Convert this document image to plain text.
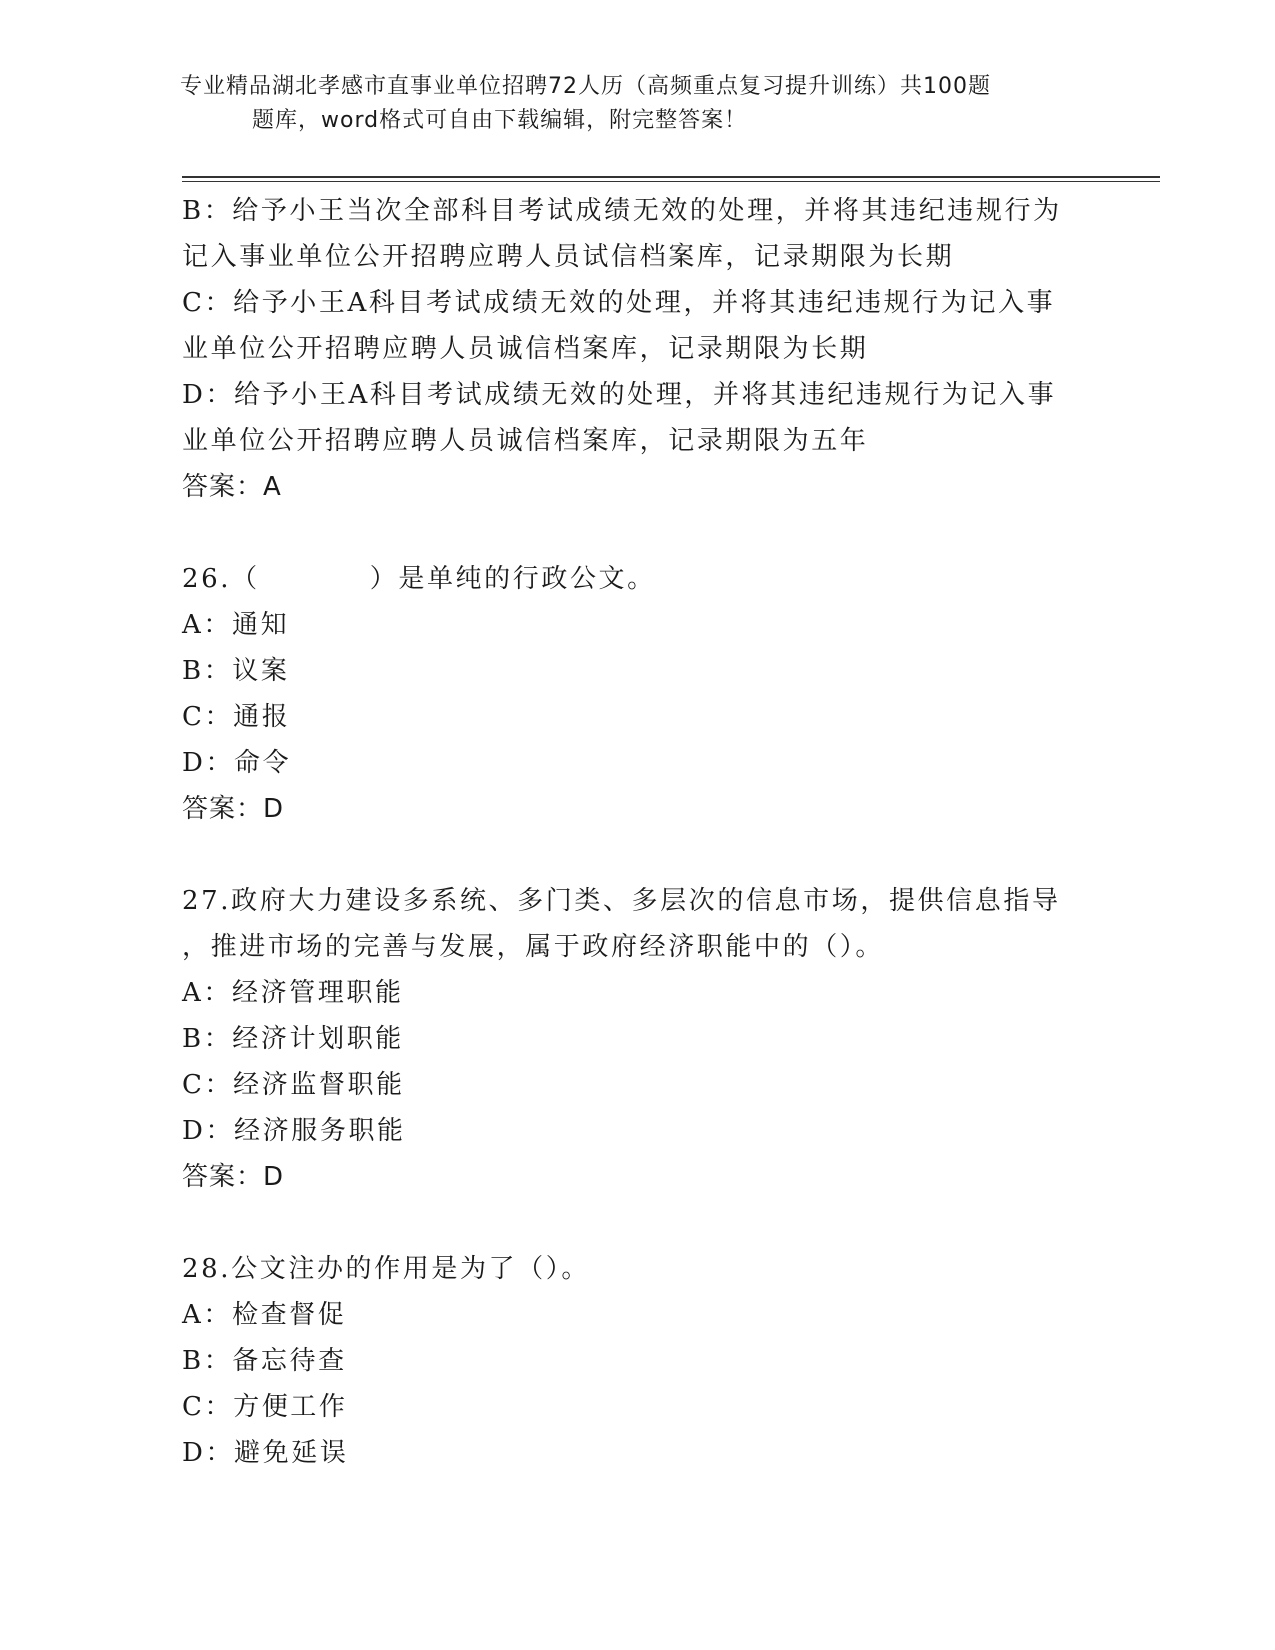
专业精品湖北孝感市直事业单位招聘72人历（高频重点复习提升训练）共100题
题库，word格式可自由下载编辑，附完整答案！
B：给予小王当次全部科目考试成绩无效的处理，并将其违纪违规行为
记入事业单位公开招聘应聘人员试信档案库，记录期限为长期
C：给予小王A科目考试成绩无效的处理，并将其违纪违规行为记入事
业单位公开招聘应聘人员诚信档案库，记录期限为长期
D：给予小王A科目考试成绩无效的处理，并将其违纪违规行为记入事
业单位公开招聘应聘人员诚信档案库，记录期限为五年
答案：A
26.（	）是单纯的行政公文。
A：通知
B：议案
C：通报
D：命令
答案：D
27.政府大力建设多系统、多门类、多层次的信息市场，提供信息指导
，推进市场的完善与发展，属于政府经济职能中的（）。
A：经济管理职能
B：经济计划职能
C：经济监督职能
D：经济服务职能
答案：D
28.公文注办的作用是为了（）。
A：检查督促
B：备忘待查
C：方便工作
D：避免延误
